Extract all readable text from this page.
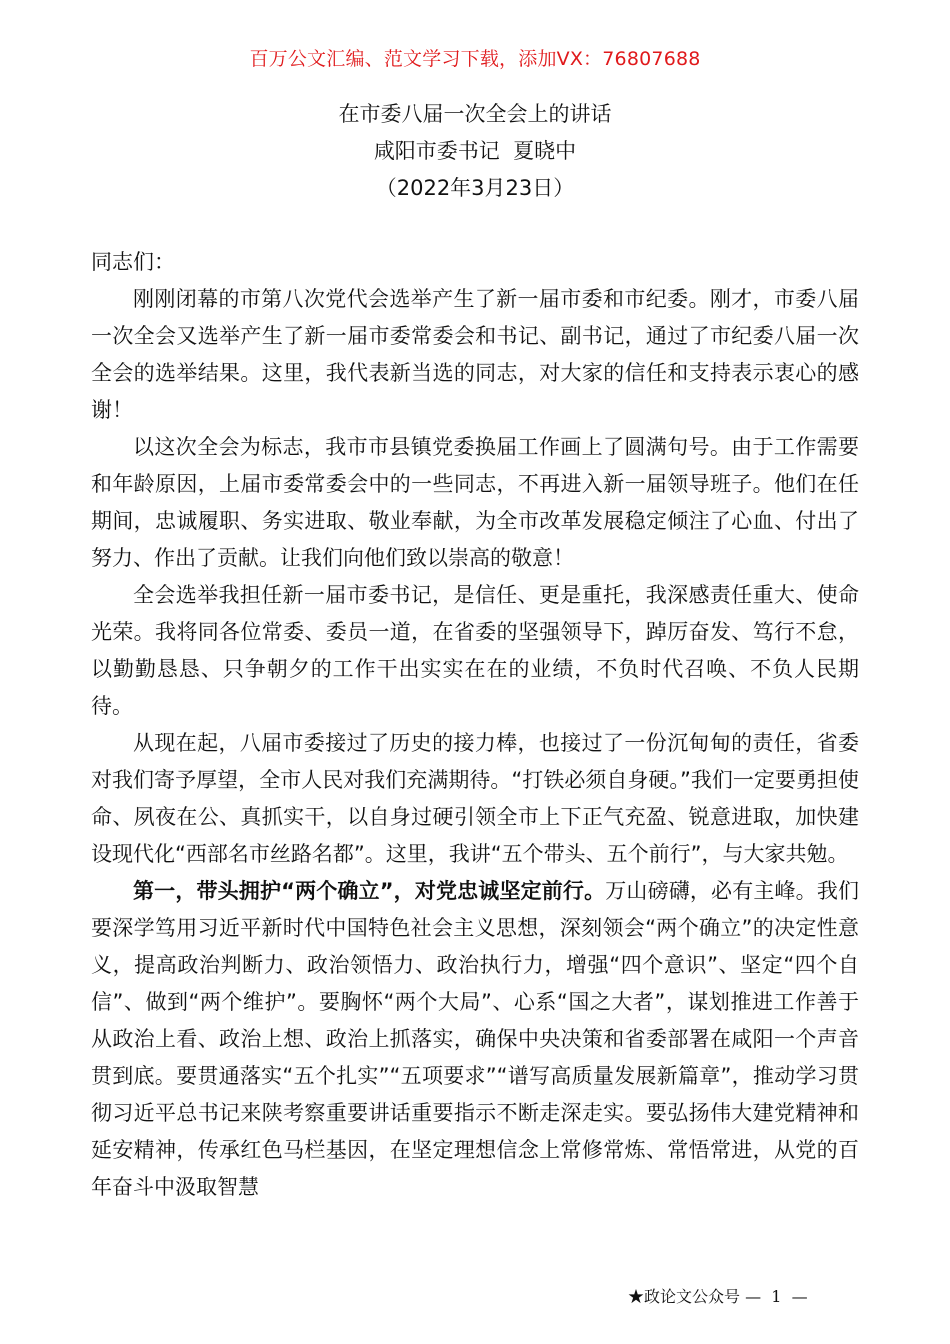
百万公文汇编、范文学习下载，添加VX：76807688
在市委八届一次全会上的讲话
咸阳市委书记  夏晓中
（2022年3月23日）

同志们：

刚刚闭幕的市第八次党代会选举产生了新一届市委和市纪委。刚才，市委八届一次全会又选举产生了新一届市委常委会和书记、副书记，通过了市纪委八届一次全会的选举结果。这里，我代表新当选的同志，对大家的信任和支持表示衷心的感谢！

以这次全会为标志，我市市县镇党委换届工作画上了圆满句号。由于工作需要和年龄原因，上届市委常委会中的一些同志，不再进入新一届领导班子。他们在任期间，忠诚履职、务实进取、敬业奉献，为全市改革发展稳定倾注了心血、付出了努力、作出了贡献。让我们向他们致以崇高的敬意！

全会选举我担任新一届市委书记，是信任、更是重托，我深感责任重大、使命光荣。我将同各位常委、委员一道，在省委的坚强领导下，踔厉奋发、笃行不怠，以勤勤恳恳、只争朝夕的工作干出实实在在的业绩，不负时代召唤、不负人民期待。

从现在起，八届市委接过了历史的接力棒，也接过了一份沉甸甸的责任，省委对我们寄予厚望，全市人民对我们充满期待。“打铁必须自身硬。”我们一定要勇担使命、夙夜在公、真抓实干，以自身过硬引领全市上下正气充盈、锐意进取，加快建设现代化“西部名市丝路名都”。这里，我讲“五个带头、五个前行”，与大家共勉。

第一，带头拥护“两个确立”，对党忠诚坚定前行。万山磅礴，必有主峰。我们要深学笃用习近平新时代中国特色社会主义思想，深刻领会“两个确立”的决定性意义，提高政治判断力、政治领悟力、政治执行力，增强“四个意识”、坚定“四个自信”、做到“两个维护”。要胸怀“两个大局”、心系“国之大者”，谋划推进工作善于从政治上看、政治上想、政治上抓落实，确保中央决策和省委部署在咸阳一个声音贯到底。要贯通落实“五个扎实”“五项要求”“谱写高质量发展新篇章”，推动学习贯彻习近平总书记来陕考察重要讲话重要指示不断走深走实。要弘扬伟大建党精神和延安精神，传承红色马栏基因，在坚定理想信念上常修常炼、常悟常进，从党的百年奋斗中汲取智慧

★政论文公众号 —  1  —
